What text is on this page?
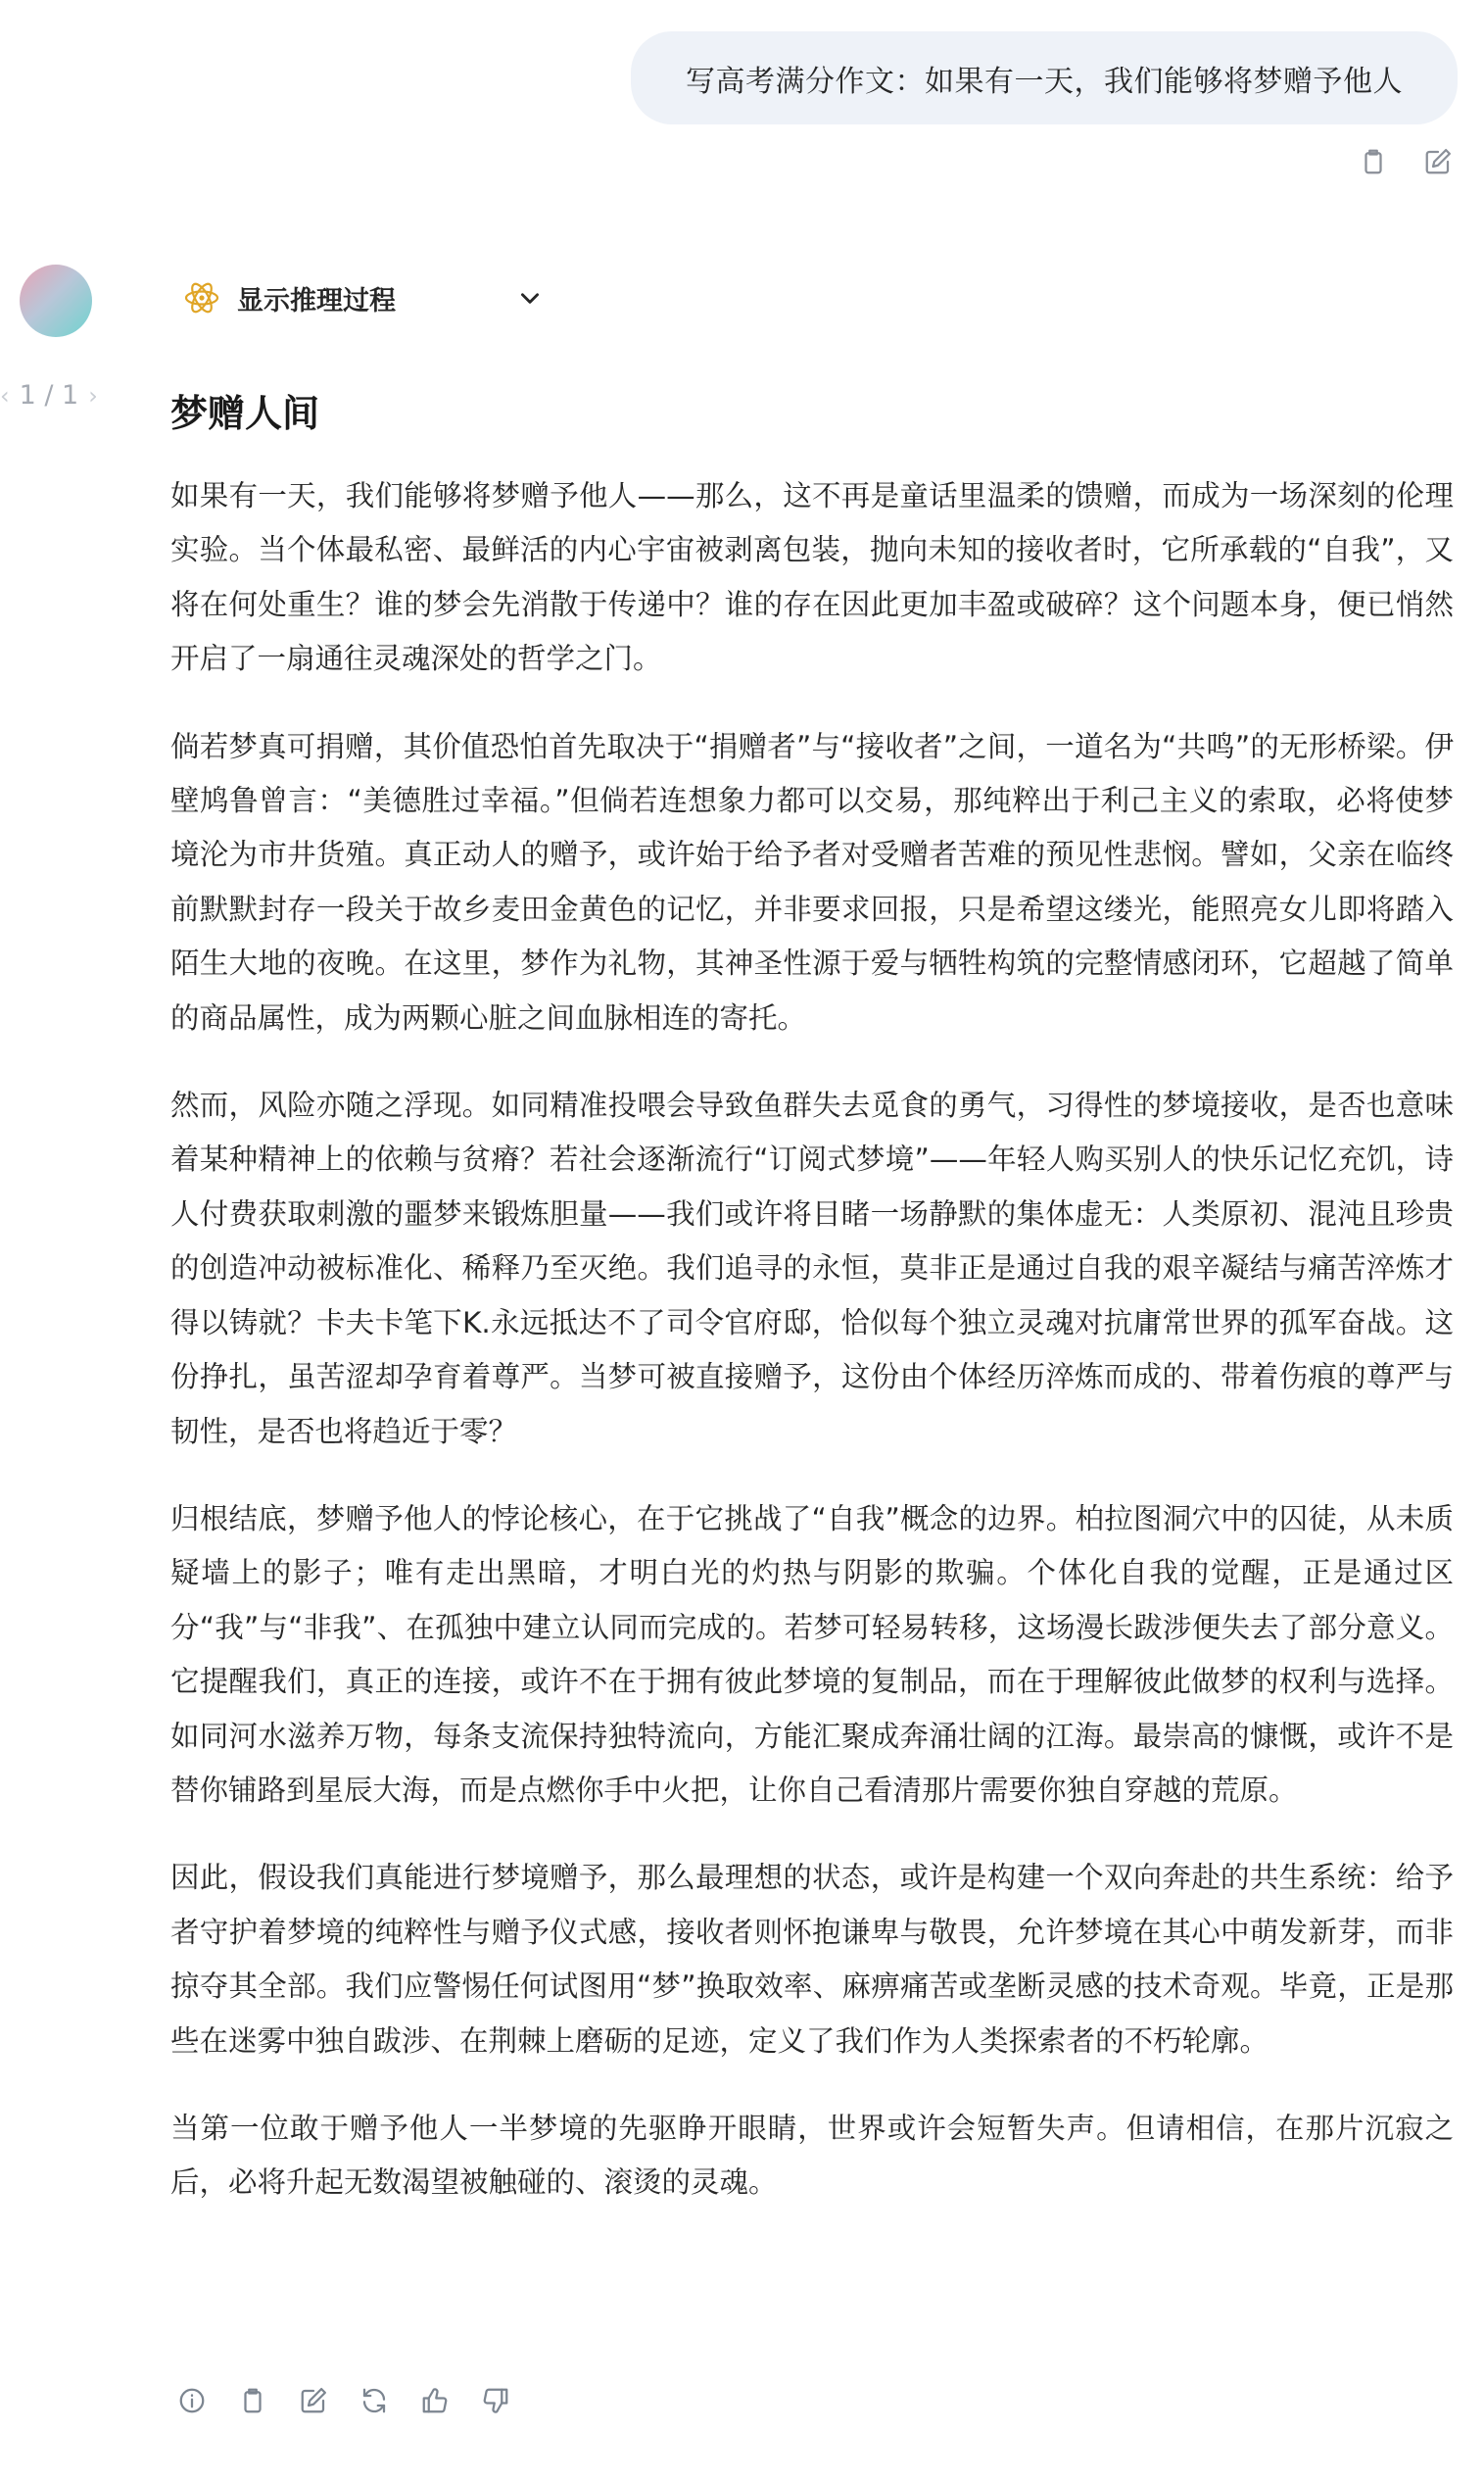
写高考满分作文：如果有一天，我们能够将梦赠予他人
‹ 1 / 1 ›
显示推理过程
梦赠人间

如果有一天，我们能够将梦赠予他人——那么，这不再是童话里温柔的馈赠，而成为一场深刻的伦理实验。当个体最私密、最鲜活的内心宇宙被剥离包装，抛向未知的接收者时，它所承载的“自我”，又将在何处重生？谁的梦会先消散于传递中？谁的存在因此更加丰盈或破碎？这个问题本身，便已悄然开启了一扇通往灵魂深处的哲学之门。

倘若梦真可捐赠，其价值恐怕首先取决于“捐赠者”与“接收者”之间，一道名为“共鸣”的无形桥梁。伊壁鸠鲁曾言：“美德胜过幸福。”但倘若连想象力都可以交易，那纯粹出于利己主义的索取，必将使梦境沦为市井货殖。真正动人的赠予，或许始于给予者对受赠者苦难的预见性悲悯。譬如，父亲在临终前默默封存一段关于故乡麦田金黄色的记忆，并非要求回报，只是希望这缕光，能照亮女儿即将踏入陌生大地的夜晚。在这里，梦作为礼物，其神圣性源于爱与牺牲构筑的完整情感闭环，它超越了简单的商品属性，成为两颗心脏之间血脉相连的寄托。

然而，风险亦随之浮现。如同精准投喂会导致鱼群失去觅食的勇气，习得性的梦境接收，是否也意味着某种精神上的依赖与贫瘠？若社会逐渐流行“订阅式梦境”——年轻人购买别人的快乐记忆充饥，诗人付费获取刺激的噩梦来锻炼胆量——我们或许将目睹一场静默的集体虚无：人类原初、混沌且珍贵的创造冲动被标准化、稀释乃至灭绝。我们追寻的永恒，莫非正是通过自我的艰辛凝结与痛苦淬炼才得以铸就？卡夫卡笔下K.永远抵达不了司令官府邸，恰似每个独立灵魂对抗庸常世界的孤军奋战。这份挣扎，虽苦涩却孕育着尊严。当梦可被直接赠予，这份由个体经历淬炼而成的、带着伤痕的尊严与韧性，是否也将趋近于零？

归根结底，梦赠予他人的悖论核心，在于它挑战了“自我”概念的边界。柏拉图洞穴中的囚徒，从未质疑墙上的影子；唯有走出黑暗，才明白光的灼热与阴影的欺骗。个体化自我的觉醒，正是通过区分“我”与“非我”、在孤独中建立认同而完成的。若梦可轻易转移，这场漫长跋涉便失去了部分意义。它提醒我们，真正的连接，或许不在于拥有彼此梦境的复制品，而在于理解彼此做梦的权利与选择。如同河水滋养万物，每条支流保持独特流向，方能汇聚成奔涌壮阔的江海。最崇高的慷慨，或许不是替你铺路到星辰大海，而是点燃你手中火把，让你自己看清那片需要你独自穿越的荒原。

因此，假设我们真能进行梦境赠予，那么最理想的状态，或许是构建一个双向奔赴的共生系统：给予者守护着梦境的纯粹性与赠予仪式感，接收者则怀抱谦卑与敬畏，允许梦境在其心中萌发新芽，而非掠夺其全部。我们应警惕任何试图用“梦”换取效率、麻痹痛苦或垄断灵感的技术奇观。毕竟，正是那些在迷雾中独自跋涉、在荆棘上磨砺的足迹，定义了我们作为人类探索者的不朽轮廓。

当第一位敢于赠予他人一半梦境的先驱睁开眼睛，世界或许会短暂失声。但请相信，在那片沉寂之后，必将升起无数渴望被触碰的、滚烫的灵魂。
